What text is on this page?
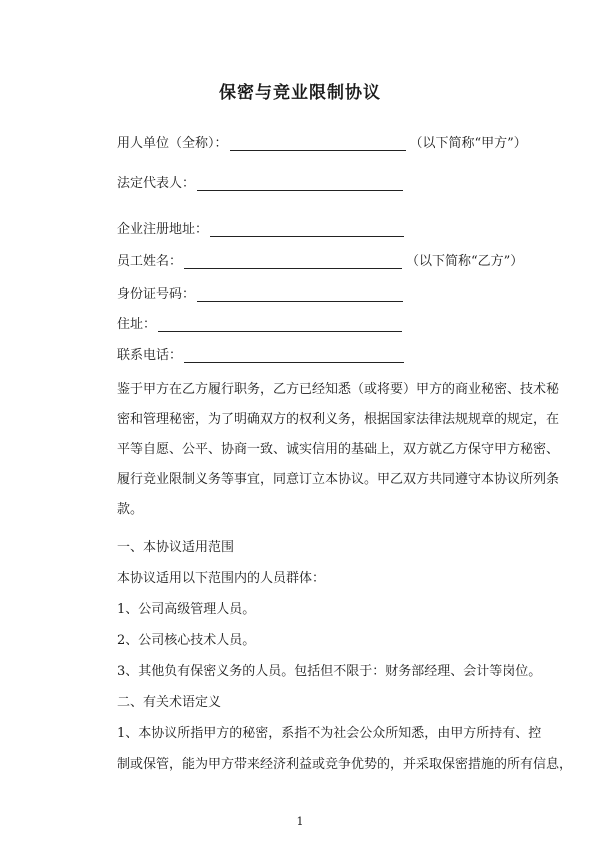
保密与竞业限制协议
用人单位（全称）：	（以下简称“甲方”）
法定代表人：
企业注册地址：
员工姓名：	（以下简称“乙方”）
身份证号码：
住址：
联系电话：
鉴于甲方在乙方履行职务，乙方已经知悉（或将要）甲方的商业秘密、技术秘
密和管理秘密，为了明确双方的权利义务，根据国家法律法规规章的规定，在
平等自愿、公平、协商一致、诚实信用的基础上，双方就乙方保守甲方秘密、
履行竞业限制义务等事宜，同意订立本协议。甲乙双方共同遵守本协议所列条
款。
一、本协议适用范围
本协议适用以下范围内的人员群体：
1、公司高级管理人员。
2、公司核心技术人员。
3、其他负有保密义务的人员。包括但不限于：财务部经理、会计等岗位。
二、有关术语定义
1、本协议所指甲方的秘密，系指不为社会公众所知悉，由甲方所持有、控
制或保管，能为甲方带来经济利益或竞争优势的，并采取保密措施的所有信息，
1
